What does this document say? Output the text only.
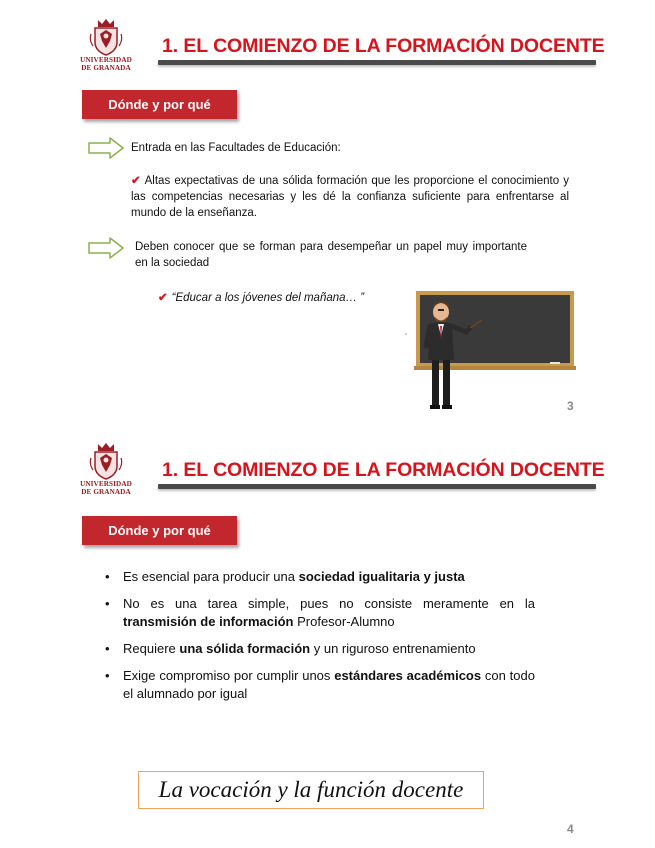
UNIVERSIDAD
DE GRANADA
1. EL COMIENZO DE LA FORMACIÓN DOCENTE
Dónde y por qué
Entrada en las Facultades de Educación:
✔ Altas expectativas de una sólida formación que les proporcione el conocimiento y las competencias necesarias y les dé la confianza suficiente para enfrentarse al mundo de la enseñanza.
Deben conocer que se forman para desempeñar un papel muy importante en la sociedad
✔ “Educar a los jóvenes del mañana… ”
3
UNIVERSIDAD
DE GRANADA
1. EL COMIENZO DE LA FORMACIÓN DOCENTE
Dónde y por qué
• Es esencial para producir una sociedad igualitaria y justa
• No es una tarea simple, pues no consiste meramente en la transmisión de información Profesor-Alumno
• Requiere una sólida formación y un riguroso entrenamiento
• Exige compromiso por cumplir unos estándares académicos con todo el alumnado por igual
La vocación y la función docente
4
